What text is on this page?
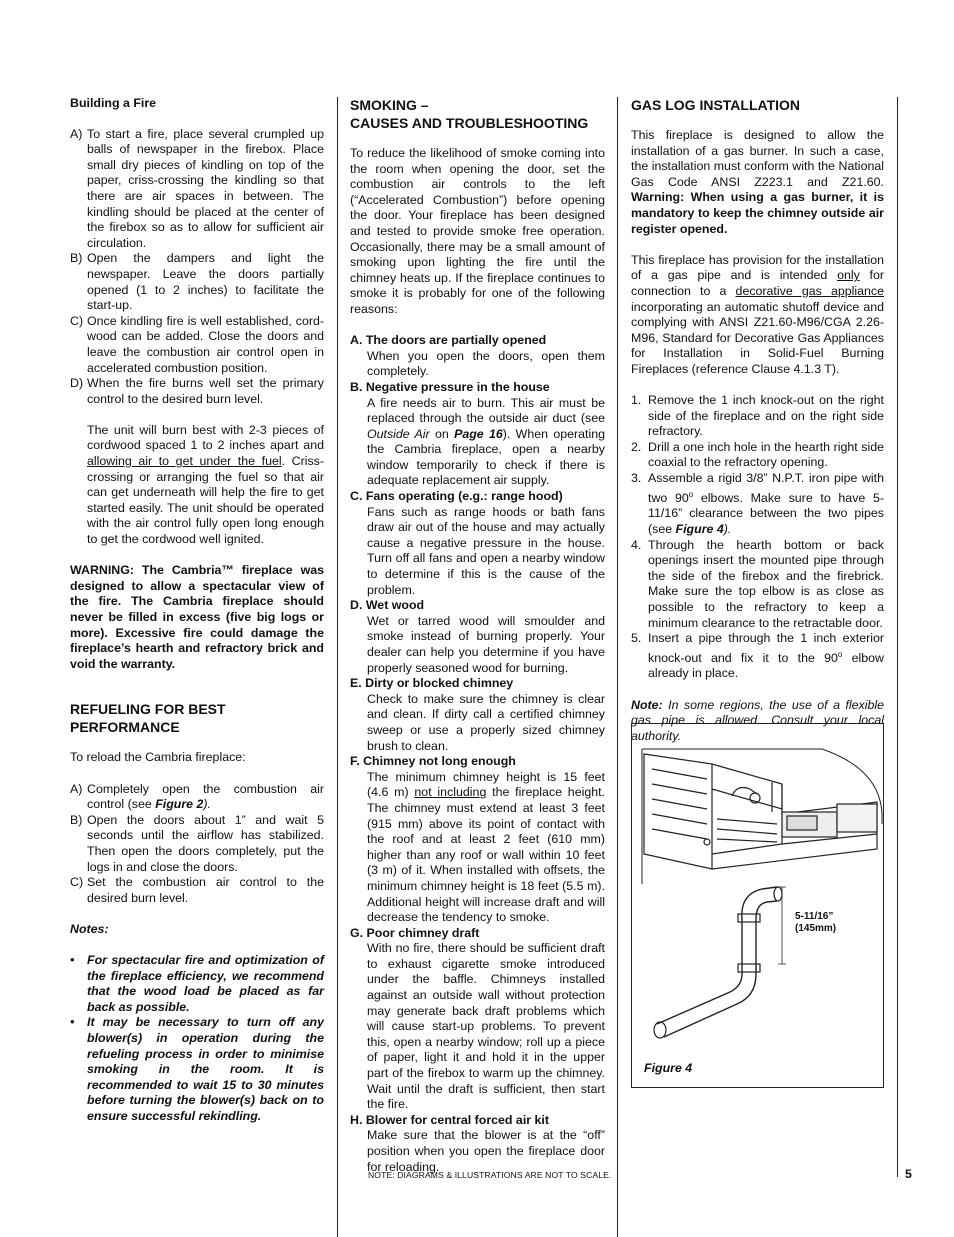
Building a Fire
A) To start a fire, place several crumpled up balls of newspaper in the firebox. Place small dry pieces of kindling on top of the paper, criss-crossing the kindling so that there are air spaces in between. The kindling should be placed at the center of the firebox so as to allow for sufficient air circulation.
B) Open the dampers and light the newspaper. Leave the doors partially opened (1 to 2 inches) to facilitate the start-up.
C) Once kindling fire is well established, cord-wood can be added. Close the doors and leave the combustion air control open in accelerated combustion position.
D) When the fire burns well set the primary control to the desired burn level.

The unit will burn best with 2-3 pieces of cordwood spaced 1 to 2 inches apart and allowing air to get under the fuel. Criss-crossing or arranging the fuel so that air can get underneath will help the fire to get started easily. The unit should be operated with the air control fully open long enough to get the cordwood well ignited.

WARNING: The Cambria™ fireplace was designed to allow a spectacular view of the fire. The Cambria fireplace should never be filled in excess (five big logs or more). Excessive fire could damage the fireplace’s hearth and refractory brick and void the warranty.

REFUELING FOR BEST PERFORMANCE

To reload the Cambria fireplace:

A) Completely open the combustion air control (see Figure 2).
B) Open the doors about 1” and wait 5 seconds until the airflow has stabilized. Then open the doors completely, put the logs in and close the doors.
C) Set the combustion air control to the desired burn level.

Notes:

• For spectacular fire and optimization of the fireplace efficiency, we recommend that the wood load be placed as far back as possible.
• It may be necessary to turn off any blower(s) in operation during the refueling process in order to minimise smoking in the room. It is recommended to wait 15 to 30 minutes before turning the blower(s) back on to ensure successful rekindling.
SMOKING –
CAUSES AND TROUBLESHOOTING

To reduce the likelihood of smoke coming into the room when opening the door, set the combustion air controls to the left (“Accelerated Combustion”) before opening the door. Your fireplace has been designed and tested to provide smoke free operation. Occasionally, there may be a small amount of smoking upon lighting the fire until the chimney heats up. If the fireplace continues to smoke it is probably for one of the following reasons:

A. The doors are partially opened
When you open the doors, open them completely.
B. Negative pressure in the house
A fire needs air to burn. This air must be replaced through the outside air duct (see Outside Air on Page 16). When operating the Cambria fireplace, open a nearby window temporarily to check if there is adequate replacement air supply.
C. Fans operating (e.g.: range hood)
Fans such as range hoods or bath fans draw air out of the house and may actually cause a negative pressure in the house. Turn off all fans and open a nearby window to determine if this is the cause of the problem.
D. Wet wood
Wet or tarred wood will smoulder and smoke instead of burning properly. Your dealer can help you determine if you have properly seasoned wood for burning.
E. Dirty or blocked chimney
Check to make sure the chimney is clear and clean. If dirty call a certified chimney sweep or use a properly sized chimney brush to clean.
F. Chimney not long enough
The minimum chimney height is 15 feet (4.6 m) not including the fireplace height. The chimney must extend at least 3 feet (915 mm) above its point of contact with the roof and at least 2 feet (610 mm) higher than any roof or wall within 10 feet (3 m) of it. When installed with offsets, the minimum chimney height is 18 feet (5.5 m). Additional height will increase draft and will decrease the tendency to smoke.
G. Poor chimney draft
With no fire, there should be sufficient draft to exhaust cigarette smoke introduced under the baffle. Chimneys installed against an outside wall without protection may generate back draft problems which will cause start-up problems. To prevent this, open a nearby window; roll up a piece of paper, light it and hold it in the upper part of the firebox to warm up the chimney. Wait until the draft is sufficient, then start the fire.
H. Blower for central forced air kit
Make sure that the blower is at the “off” position when you open the fireplace door for reloading.
GAS LOG INSTALLATION

This fireplace is designed to allow the installation of a gas burner. In such a case, the installation must conform with the National Gas Code ANSI Z223.1 and Z21.60. Warning: When using a gas burner, it is mandatory to keep the chimney outside air register opened.

This fireplace has provision for the installation of a gas pipe and is intended only for connection to a decorative gas appliance incorporating an automatic shutoff device and complying with ANSI Z21.60-M96/CGA 2.26-M96, Standard for Decorative Gas Appliances for Installation in Solid-Fuel Burning Fireplaces (reference Clause 4.1.3 T).

1. Remove the 1 inch knock-out on the right side of the fireplace and on the right side refractory.
2. Drill a one inch hole in the hearth right side coaxial to the refractory opening.
3. Assemble a rigid 3/8” N.P.T. iron pipe with two 90$^o$ elbows. Make sure to have 5-11/16” clearance between the two pipes (see Figure 4).
4. Through the hearth bottom or back openings insert the mounted pipe through the side of the firebox and the firebrick. Make sure the top elbow is as close as possible to the refractory to keep a minimum clearance to the retractable door.
5. Insert a pipe through the 1 inch exterior knock-out and fix it to the 90$^o$ elbow already in place.

Note: In some regions, the use of a flexible gas pipe is allowed. Consult your local authority.

5-11/16”
(145mm)
Figure 4
NOTE: DIAGRAMS & ILLUSTRATIONS ARE NOT TO SCALE.	5
